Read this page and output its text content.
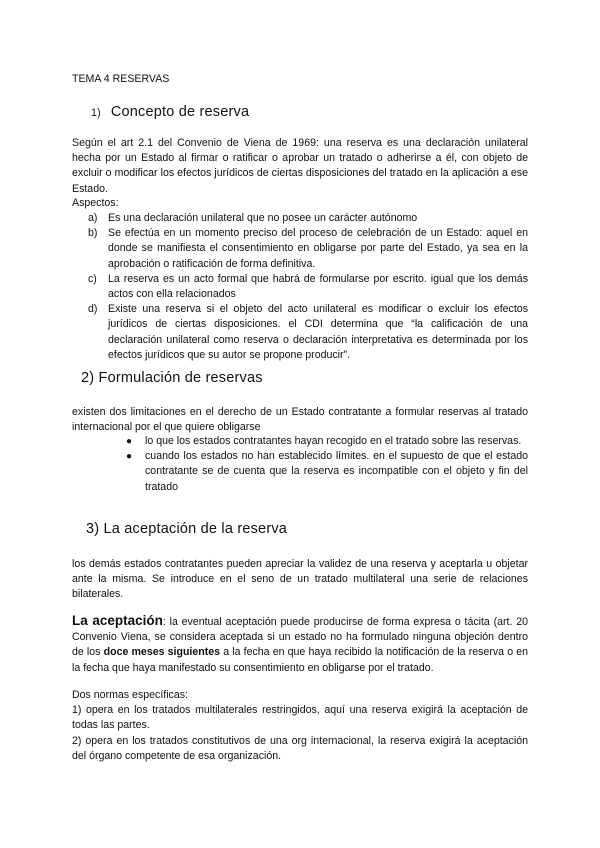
TEMA 4 RESERVAS
1) Concepto de reserva

Según el art 2.1 del Convenio de Viena de 1969: una reserva es una declaración unilateral hecha por un Estado al firmar o ratificar o aprobar un tratado o adherirse a él, con objeto de excluir o modificar los efectos jurídicos de ciertas disposiciones del tratado en la aplicación a ese Estado.

Aspectos:
a) Es una declaración unilateral que no posee un carácter autónomo
b) Se efectúa en un momento preciso del proceso de celebración de un Estado: aquel en donde se manifiesta el consentimiento en obligarse por parte del Estado, ya sea en la aprobación o ratificación de forma definitiva.
c) La reserva es un acto formal que habrá de formularse por escrito. igual que los demás actos con ella relacionados
d) Existe una reserva si el objeto del acto unilateral es modificar o excluir los efectos jurídicos de ciertas disposiciones. el CDI determina que “la calificación de una declaración unilateral como reserva o declaración interpretativa es determinada por los efectos jurídicos que su autor se propone producir”.
2) Formulación de reservas

existen dos limitaciones en el derecho de un Estado contratante a formular reservas al tratado internacional por el que quiere obligarse

● lo que los estados contratantes hayan recogido en el tratado sobre las reservas.
● cuando los estados no han establecido límites. en el supuesto de que el estado contratante se de cuenta que la reserva es incompatible con el objeto y fin del tratado
3) La aceptación de la reserva

los demás estados contratantes pueden apreciar la validez de una reserva y aceptarla u objetar ante la misma. Se introduce en el seno de un tratado multilateral una serie de relaciones bilaterales.

La aceptación: la eventual aceptación puede producirse de forma expresa o tácita (art. 20 Convenio Viena, se considera aceptada si un estado no ha formulado ninguna objeción dentro de los doce meses siguientes a la fecha en que haya recibido la notificación de la reserva o en la fecha que haya manifestado su consentimiento en obligarse por el tratado.

Dos normas específicas:

1) opera en los tratados multilaterales restringidos, aquí una reserva exigirá la aceptación de todas las partes.

2) opera en los tratados constitutivos de una org internacional, la reserva exigirá la aceptación del órgano competente de esa organización.
